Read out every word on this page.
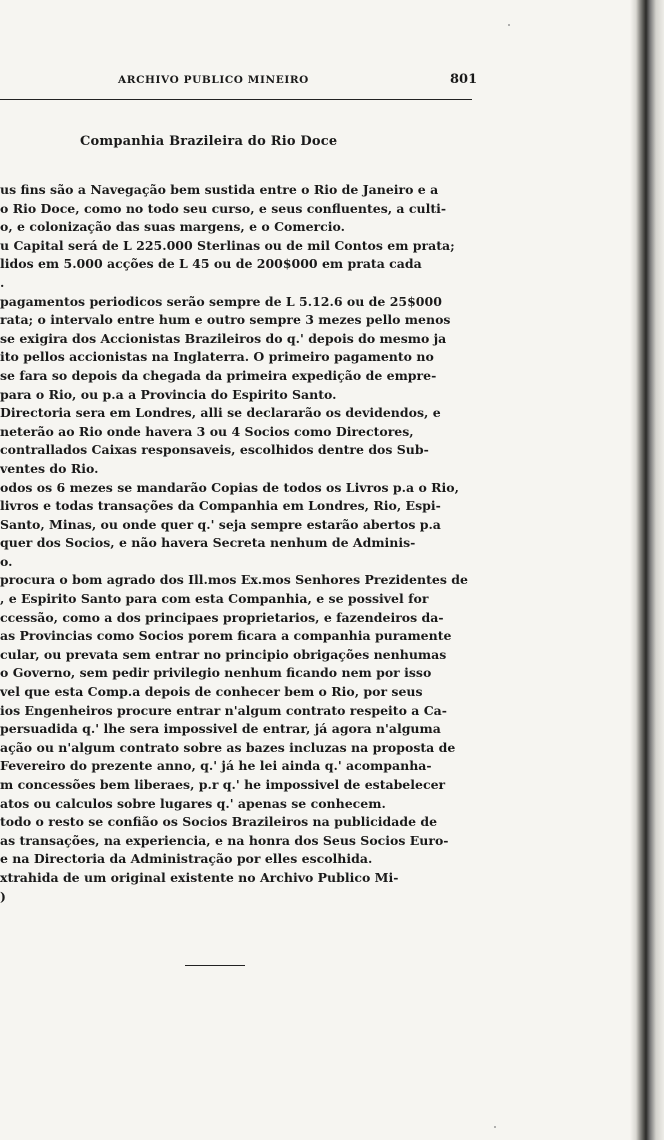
ARCHIVO PUBLICO MINEIRO	801
Companhia Brazileira do Rio Doce
us fins são a Navegação bem sustida entre o Rio de Janeiro e a
o Rio Doce, como no todo seu curso, e seus confluentes, a culti-
o, e colonização das suas margens, e o Comercio.
u Capital será de L 225.000 Sterlinas ou de mil Contos em prata;
lidos em 5.000 acções de L 45 ou de 200$000 em prata cada
.
pagamentos periodicos serão sempre de L 5.12.6 ou de 25$000
rata; o intervalo entre hum e outro sempre 3 mezes pello menos
se exigira dos Accionistas Brazileiros do q.' depois do mesmo ja
ito pellos accionistas na Inglaterra. O primeiro pagamento no
se fara so depois da chegada da primeira expedição de empre-
para o Rio, ou p.a a Provincia do Espirito Santo.
Directoria sera em Londres, alli se declararão os devidendos, e
neterão ao Rio onde havera 3 ou 4 Socios como Directores,
contrallados Caixas responsaveis, escolhidos dentre dos Sub-
ventes do Rio.
odos os 6 mezes se mandarão Copias de todos os Livros p.a o Rio,
livros e todas transações da Companhia em Londres, Rio, Espi-
Santo, Minas, ou onde quer q.' seja sempre estarão abertos p.a
quer dos Socios, e não havera Secreta nenhum de Adminis-
o.
procura o bom agrado dos Ill.mos Ex.mos Senhores Prezidentes de
, e Espirito Santo para com esta Companhia, e se possivel for
ccessão, como a dos principaes proprietarios, e fazendeiros da-
as Provincias como Socios porem ficara a companhia puramente
cular, ou prevata sem entrar no principio obrigações nenhumas
o Governo, sem pedir privilegio nenhum ficando nem por isso
vel que esta Comp.a depois de conhecer bem o Rio, por seus
ios Engenheiros procure entrar n'algum contrato respeito a Ca-
persuadida q.' lhe sera impossivel de entrar, já agora n'alguma
ação ou n'algum contrato sobre as bazes incluzas na proposta de
Fevereiro do prezente anno, q.' já he lei ainda q.' acompanha-
m concessões bem liberaes, p.r q.' he impossivel de estabelecer
atos ou calculos sobre lugares q.' apenas se conhecem.
todo o resto se confião os Socios Brazileiros na publicidade de
as transações, na experiencia, e na honra dos Seus Socios Euro-
e na Directoria da Administração por elles escolhida.
xtrahida de um original existente no Archivo Publico Mi-
)
